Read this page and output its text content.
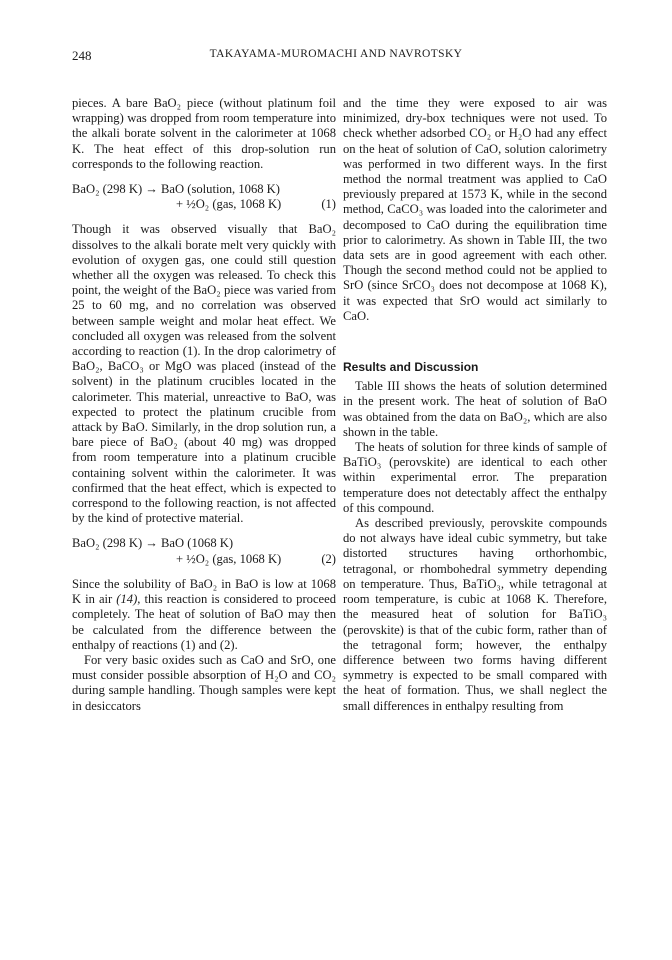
248	TAKAYAMA-MUROMACHI AND NAVROTSKY

pieces. A bare BaO₂ piece (without platinum foil wrapping) was dropped from room temperature into the alkali borate solvent in the calorimeter at 1068 K. The heat effect of this drop-solution run corresponds to the following reaction.

BaO₂ (298 K) → BaO (solution, 1068 K)
+ ½O₂ (gas, 1068 K)	(1)

Though it was observed visually that BaO₂ dissolves to the alkali borate melt very quickly with evolution of oxygen gas, one could still question whether all the oxygen was released. To check this point, the weight of the BaO₂ piece was varied from 25 to 60 mg, and no correlation was observed between sample weight and molar heat effect. We concluded all oxygen was released from the solvent according to reaction (1). In the drop calorimetry of BaO₂, BaCO₃ or MgO was placed (instead of the solvent) in the platinum crucibles located in the calorimeter. This material, unreactive to BaO, was expected to protect the platinum crucible from attack by BaO. Similarly, in the drop solution run, a bare piece of BaO₂ (about 40 mg) was dropped from room temperature into a platinum crucible containing solvent within the calorimeter. It was confirmed that the heat effect, which is expected to correspond to the following reaction, is not affected by the kind of protective material.

BaO₂ (298 K) → BaO (1068 K)
+ ½O₂ (gas, 1068 K)	(2)

Since the solubility of BaO₂ in BaO is low at 1068 K in air (14), this reaction is considered to proceed completely. The heat of solution of BaO may then be calculated from the difference between the enthalpy of reactions (1) and (2).

For very basic oxides such as CaO and SrO, one must consider possible absorption of H₂O and CO₂ during sample handling. Though samples were kept in desiccators

and the time they were exposed to air was minimized, dry-box techniques were not used. To check whether adsorbed CO₂ or H₂O had any effect on the heat of solution of CaO, solution calorimetry was performed in two different ways. In the first method the normal treatment was applied to CaO previously prepared at 1573 K, while in the second method, CaCO₃ was loaded into the calorimeter and decomposed to CaO during the equilibration time prior to calorimetry. As shown in Table III, the two data sets are in good agreement with each other. Though the second method could not be applied to SrO (since SrCO₃ does not decompose at 1068 K), it was expected that SrO would act similarly to CaO.

Results and Discussion

Table III shows the heats of solution determined in the present work. The heat of solution of BaO was obtained from the data on BaO₂, which are also shown in the table.

The heats of solution for three kinds of sample of BaTiO₃ (perovskite) are identical to each other within experimental error. The preparation temperature does not detectably affect the enthalpy of this compound.

As described previously, perovskite compounds do not always have ideal cubic symmetry, but take distorted structures having orthorhombic, tetragonal, or rhombohedral symmetry depending on temperature. Thus, BaTiO₃, while tetragonal at room temperature, is cubic at 1068 K. Therefore, the measured heat of solution for BaTiO₃ (perovskite) is that of the cubic form, rather than of the tetragonal form; however, the enthalpy difference between two forms having different symmetry is expected to be small compared with the heat of formation. Thus, we shall neglect the small differences in enthalpy resulting from
